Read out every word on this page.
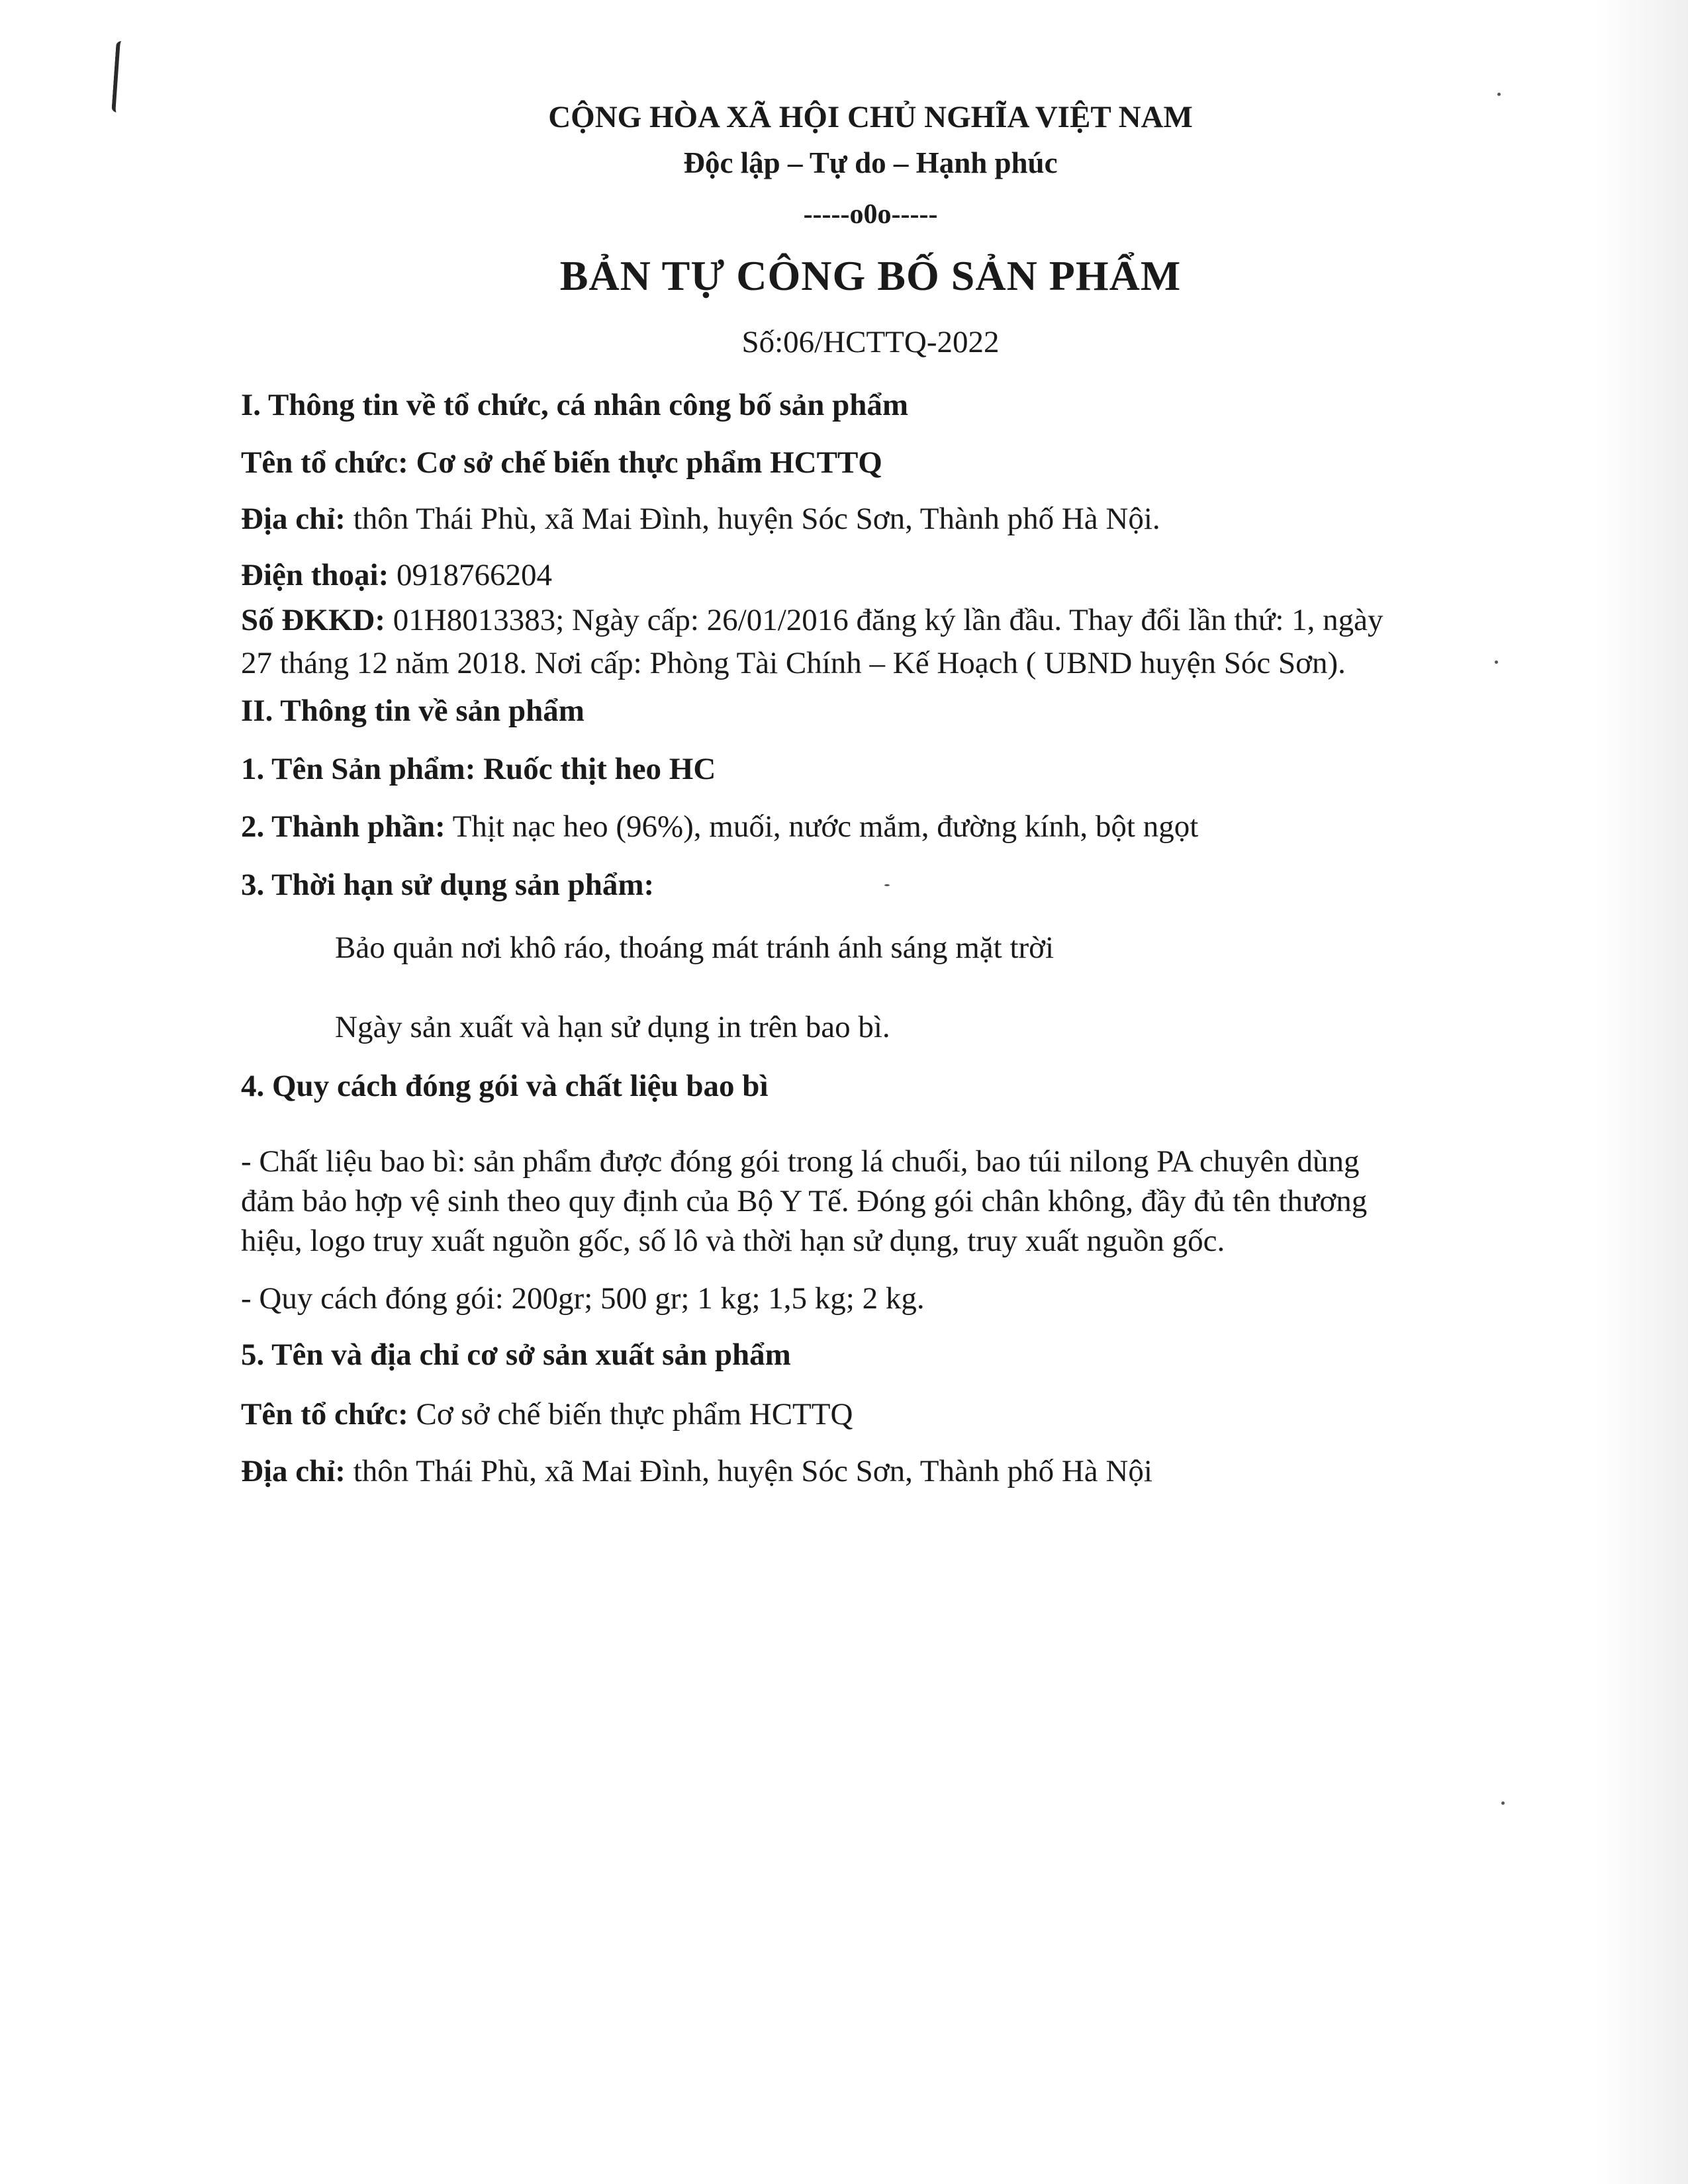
CỘNG HÒA XÃ HỘI CHỦ NGHĨA VIỆT NAM
Độc lập – Tự do – Hạnh phúc
-----o0o-----
BẢN TỰ CÔNG BỐ SẢN PHẨM
Số:06/HCTTQ-2022
I. Thông tin về tổ chức, cá nhân công bố sản phẩm
Tên tổ chức: Cơ sở chế biến thực phẩm HCTTQ
Địa chỉ: thôn Thái Phù, xã Mai Đình, huyện Sóc Sơn, Thành phố Hà Nội.
Điện thoại: 0918766204
Số ĐKKD: 01H8013383; Ngày cấp: 26/01/2016 đăng ký lần đầu. Thay đổi lần thứ: 1, ngày
27 tháng 12 năm 2018. Nơi cấp: Phòng Tài Chính – Kế Hoạch ( UBND huyện Sóc Sơn).
II. Thông tin về sản phẩm
1. Tên Sản phẩm: Ruốc thịt heo HC
2. Thành phần: Thịt nạc heo (96%), muối, nước mắm, đường kính, bột ngọt
3. Thời hạn sử dụng sản phẩm:
Bảo quản nơi khô ráo, thoáng mát tránh ánh sáng mặt trời
Ngày sản xuất và hạn sử dụng in trên bao bì.
4. Quy cách đóng gói và chất liệu bao bì
- Chất liệu bao bì: sản phẩm được đóng gói trong lá chuối, bao túi nilong PA chuyên dùng
đảm bảo hợp vệ sinh theo quy định của Bộ Y Tế. Đóng gói chân không, đầy đủ tên thương
hiệu, logo truy xuất nguồn gốc, số lô và thời hạn sử dụng, truy xuất nguồn gốc.
- Quy cách đóng gói: 200gr; 500 gr; 1 kg; 1,5 kg; 2 kg.
5. Tên và địa chỉ cơ sở sản xuất sản phẩm
Tên tổ chức: Cơ sở chế biến thực phẩm HCTTQ
Địa chỉ: thôn Thái Phù, xã Mai Đình, huyện Sóc Sơn, Thành phố Hà Nội
